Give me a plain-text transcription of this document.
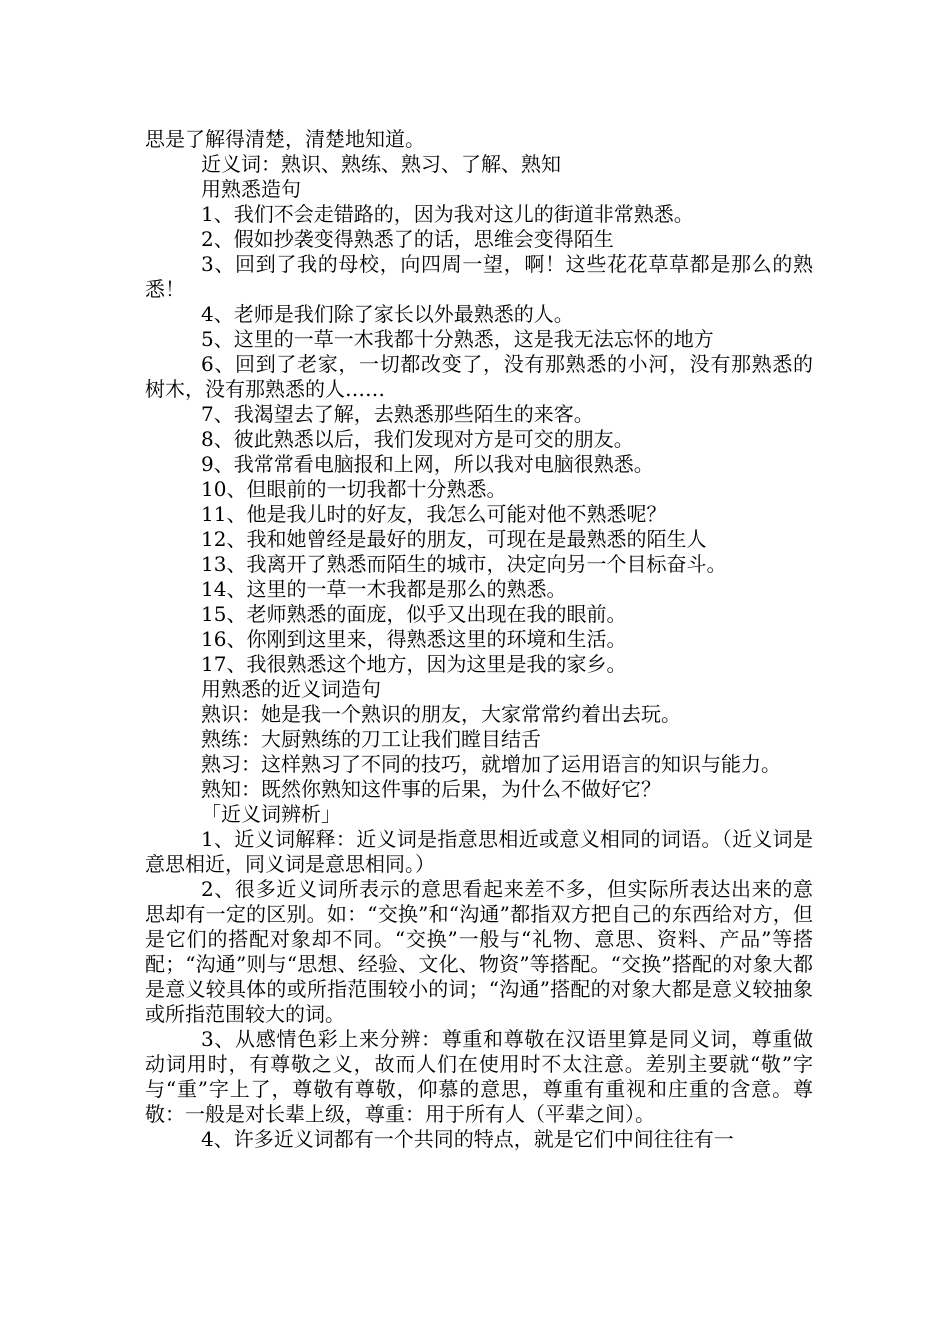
思是了解得清楚，清楚地知道。

近义词：熟识、熟练、熟习、了解、熟知

用熟悉造句

1、我们不会走错路的，因为我对这儿的街道非常熟悉。

2、假如抄袭变得熟悉了的话，思维会变得陌生

3、回到了我的母校，向四周一望，啊！这些花花草草都是那么的熟悉！

4、老师是我们除了家长以外最熟悉的人。

5、这里的一草一木我都十分熟悉，这是我无法忘怀的地方

6、回到了老家，一切都改变了，没有那熟悉的小河，没有那熟悉的树木，没有那熟悉的人……

7、我渴望去了解，去熟悉那些陌生的来客。

8、彼此熟悉以后，我们发现对方是可交的朋友。

9、我常常看电脑报和上网，所以我对电脑很熟悉。

10、但眼前的一切我都十分熟悉。

11、他是我儿时的好友，我怎么可能对他不熟悉呢？

12、我和她曾经是最好的朋友，可现在是最熟悉的陌生人

13、我离开了熟悉而陌生的城市，决定向另一个目标奋斗。

14、这里的一草一木我都是那么的熟悉。

15、老师熟悉的面庞，似乎又出现在我的眼前。

16、你刚到这里来，得熟悉这里的环境和生活。

17、我很熟悉这个地方，因为这里是我的家乡。

用熟悉的近义词造句

熟识：她是我一个熟识的朋友，大家常常约着出去玩。

熟练：大厨熟练的刀工让我们瞠目结舌

熟习：这样熟习了不同的技巧，就增加了运用语言的知识与能力。

熟知：既然你熟知这件事的后果，为什么不做好它？

「近义词辨析」

1、近义词解释：近义词是指意思相近或意义相同的词语。（近义词是意思相近，同义词是意思相同。）

2、很多近义词所表示的意思看起来差不多，但实际所表达出来的意思却有一定的区别。如：“交换”和“沟通”都指双方把自己的东西给对方，但是它们的搭配对象却不同。“交换”一般与“礼物、意思、资料、产品”等搭配；“沟通”则与“思想、经验、文化、物资”等搭配。“交换”搭配的对象大都是意义较具体的或所指范围较小的词；“沟通”搭配的对象大都是意义较抽象或所指范围较大的词。

3、从感情色彩上来分辨：尊重和尊敬在汉语里算是同义词，尊重做动词用时，有尊敬之义，故而人们在使用时不太注意。差别主要就“敬”字与“重”字上了，尊敬有尊敬，仰慕的意思，尊重有重视和庄重的含意。尊敬：一般是对长辈上级，尊重：用于所有人（平辈之间）。

4、许多近义词都有一个共同的特点，就是它们中间往往有一
